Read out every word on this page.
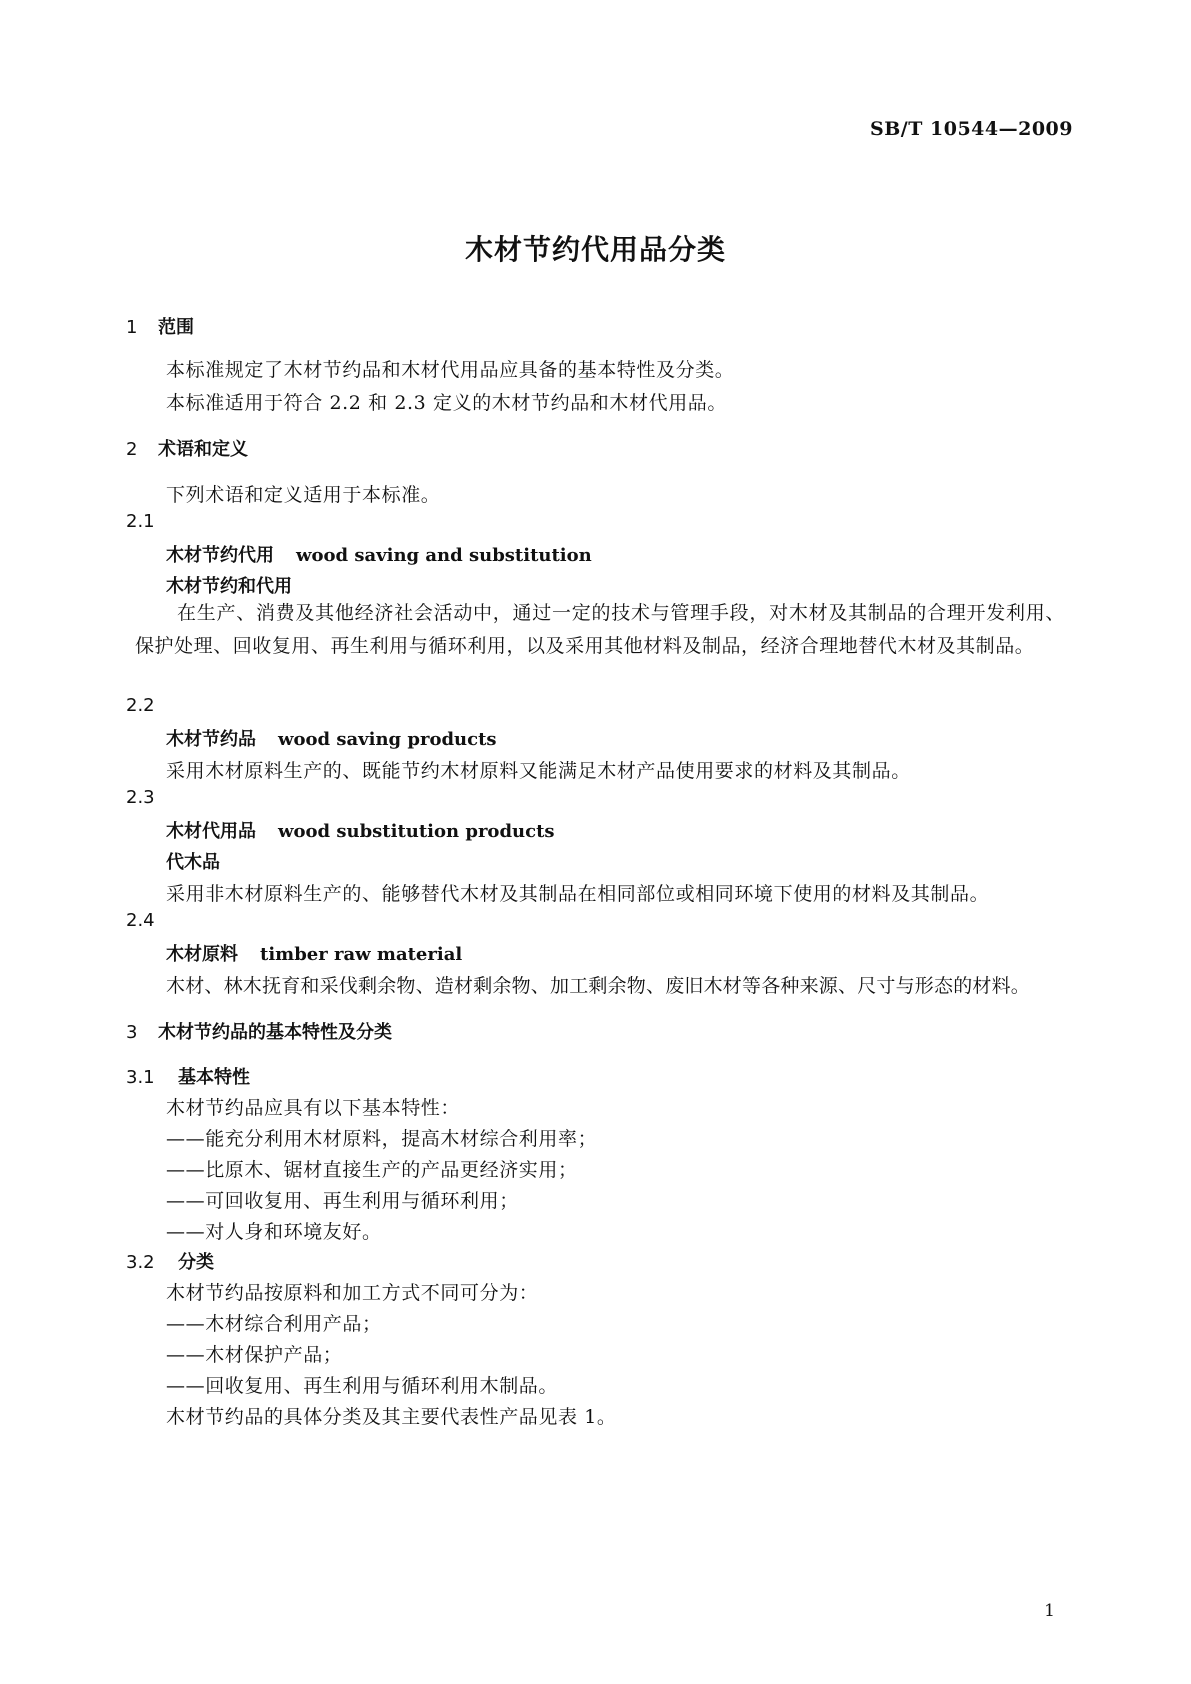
SB/T 10544—2009
木材节约代用品分类
1 范围
本标准规定了木材节约品和木材代用品应具备的基本特性及分类。
本标准适用于符合 2.2 和 2.3 定义的木材节约品和木材代用品。
2 术语和定义
下列术语和定义适用于本标准。
2.1
木材节约代用 wood saving and substitution
木材节约和代用
在生产、消费及其他经济社会活动中，通过一定的技术与管理手段，对木材及其制品的合理开发利用、保护处理、回收复用、再生利用与循环利用，以及采用其他材料及制品，经济合理地替代木材及其制品。
2.2
木材节约品 wood saving products
采用木材原料生产的、既能节约木材原料又能满足木材产品使用要求的材料及其制品。
2.3
木材代用品 wood substitution products
代木品
采用非木材原料生产的、能够替代木材及其制品在相同部位或相同环境下使用的材料及其制品。
2.4
木材原料 timber raw material
木材、林木抚育和采伐剩余物、造材剩余物、加工剩余物、废旧木材等各种来源、尺寸与形态的材料。
3 木材节约品的基本特性及分类
3.1 基本特性
木材节约品应具有以下基本特性：
——能充分利用木材原料，提高木材综合利用率；
——比原木、锯材直接生产的产品更经济实用；
——可回收复用、再生利用与循环利用；
——对人身和环境友好。
3.2 分类
木材节约品按原料和加工方式不同可分为：
——木材综合利用产品；
——木材保护产品；
——回收复用、再生利用与循环利用木制品。
木材节约品的具体分类及其主要代表性产品见表 1。
1
